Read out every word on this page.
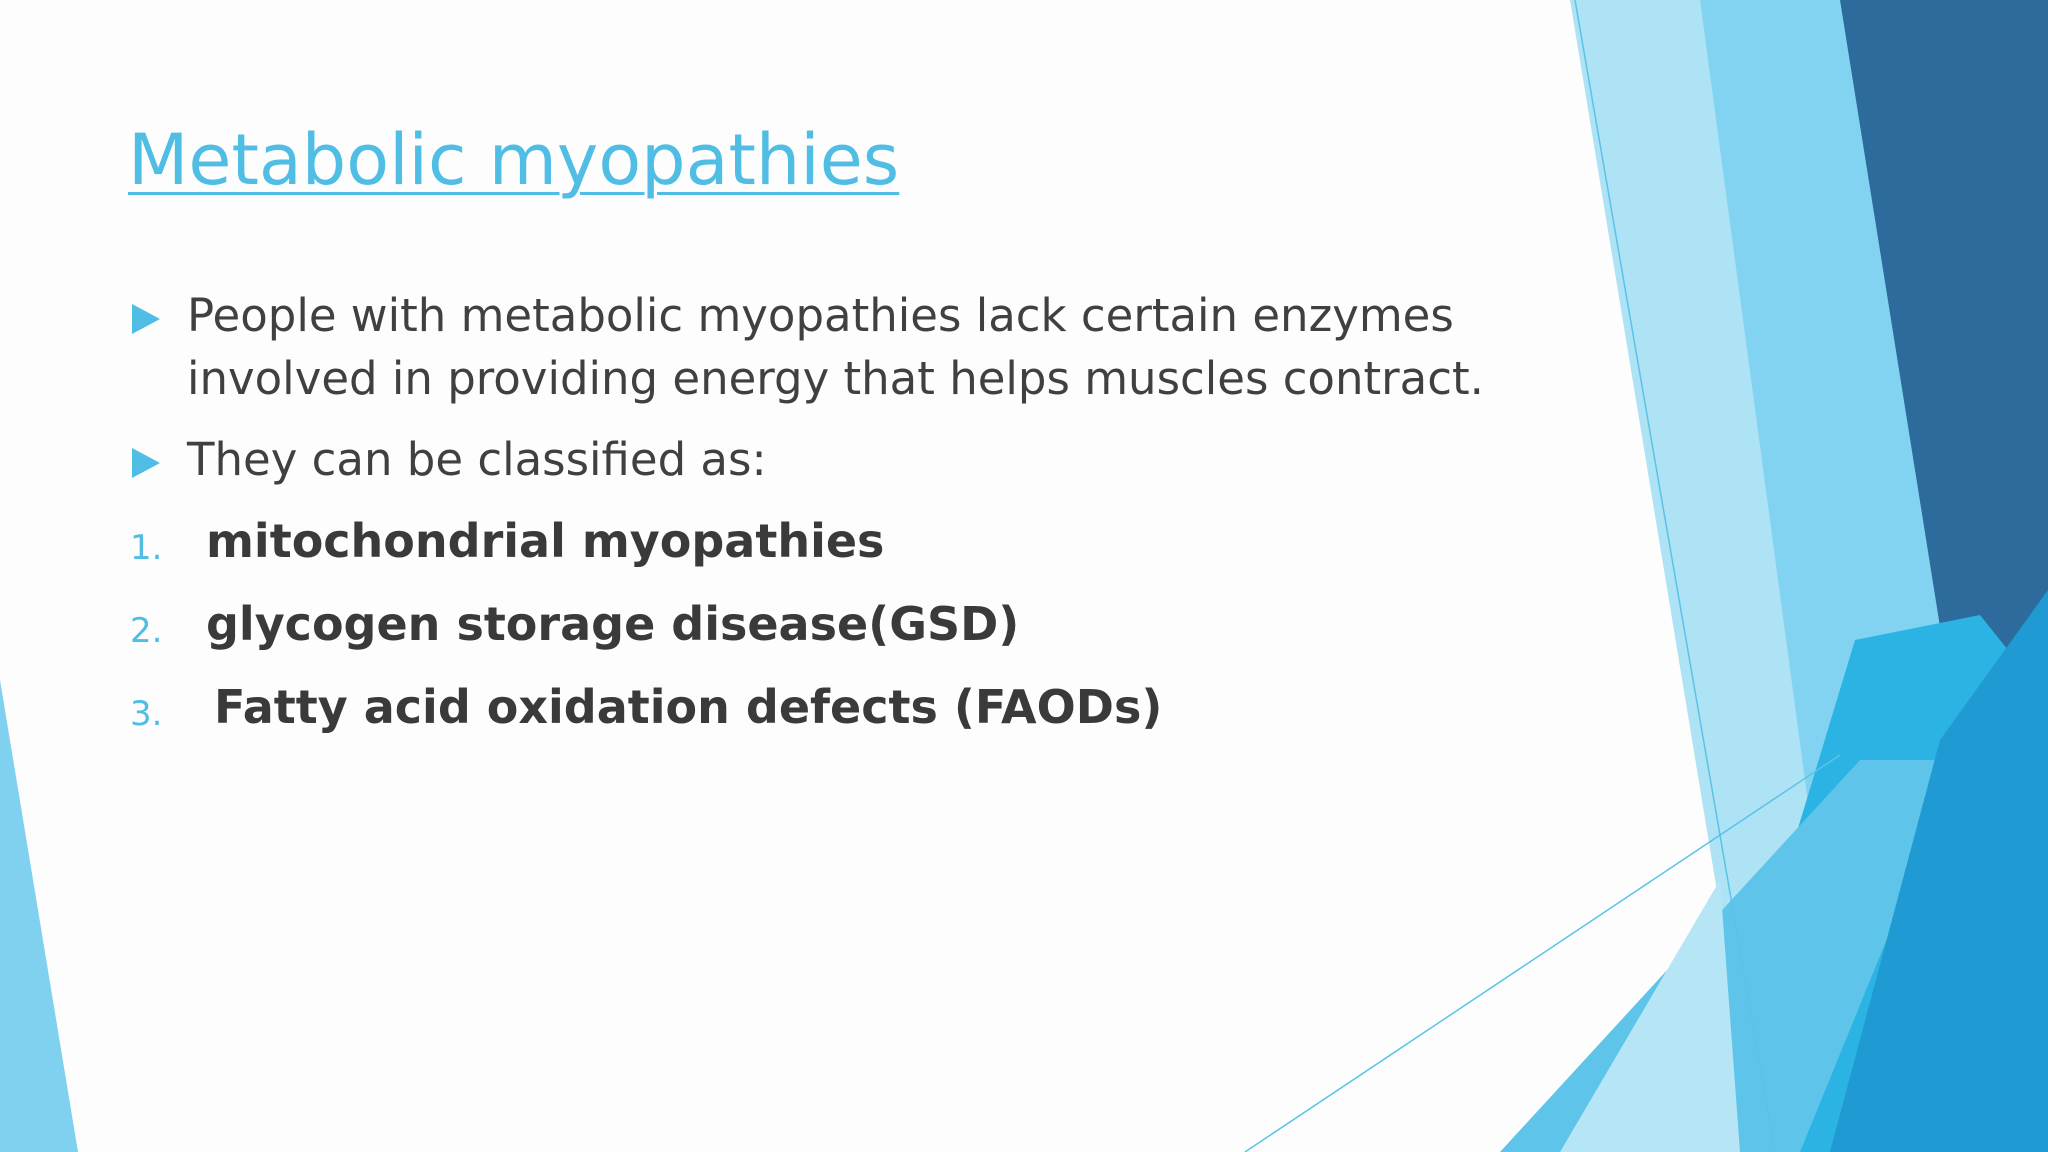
Metabolic myopathies
People with metabolic myopathies lack certain enzymes involved in providing energy that helps muscles contract.
They can be classified as:
1. mitochondrial myopathies
2. glycogen storage disease(GSD)
3. Fatty acid oxidation defects (FAODs)
